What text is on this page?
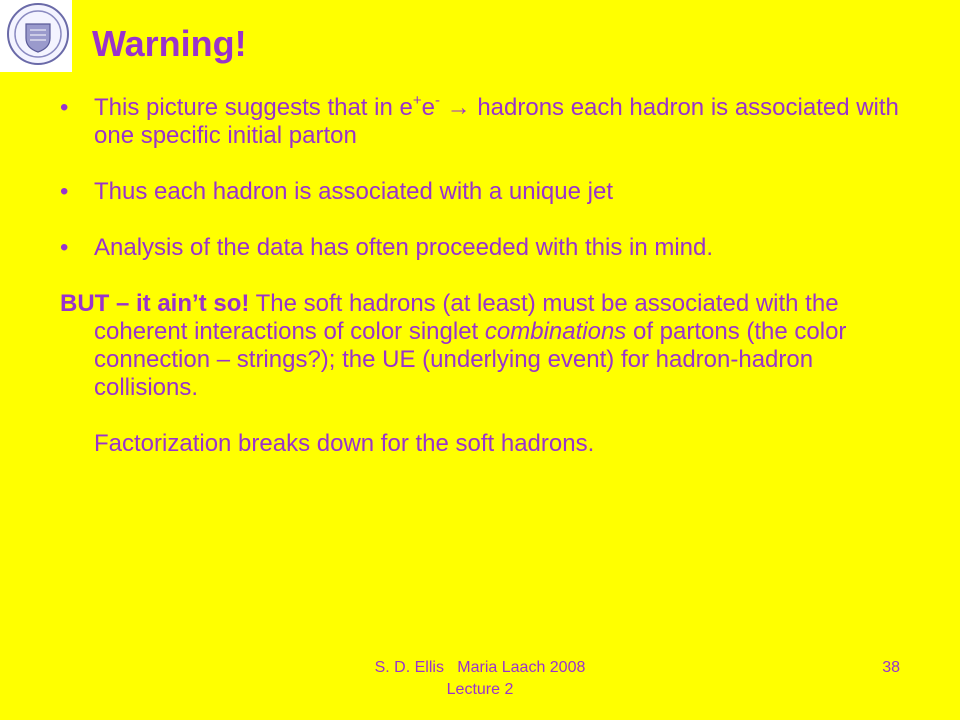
Warning!
• This picture suggests that in e+e- → hadrons each hadron is associated with one specific initial parton
• Thus each hadron is associated with a unique jet
• Analysis of the data has often proceeded with this in mind.
BUT – it ain’t so! The soft hadrons (at least) must be associated with the coherent interactions of color singlet combinations of partons (the color connection – strings?); the UE (underlying event) for hadron-hadron collisions.
Factorization breaks down for the soft hadrons.
S. D. Ellis   Maria Laach 2008
Lecture 2
38
